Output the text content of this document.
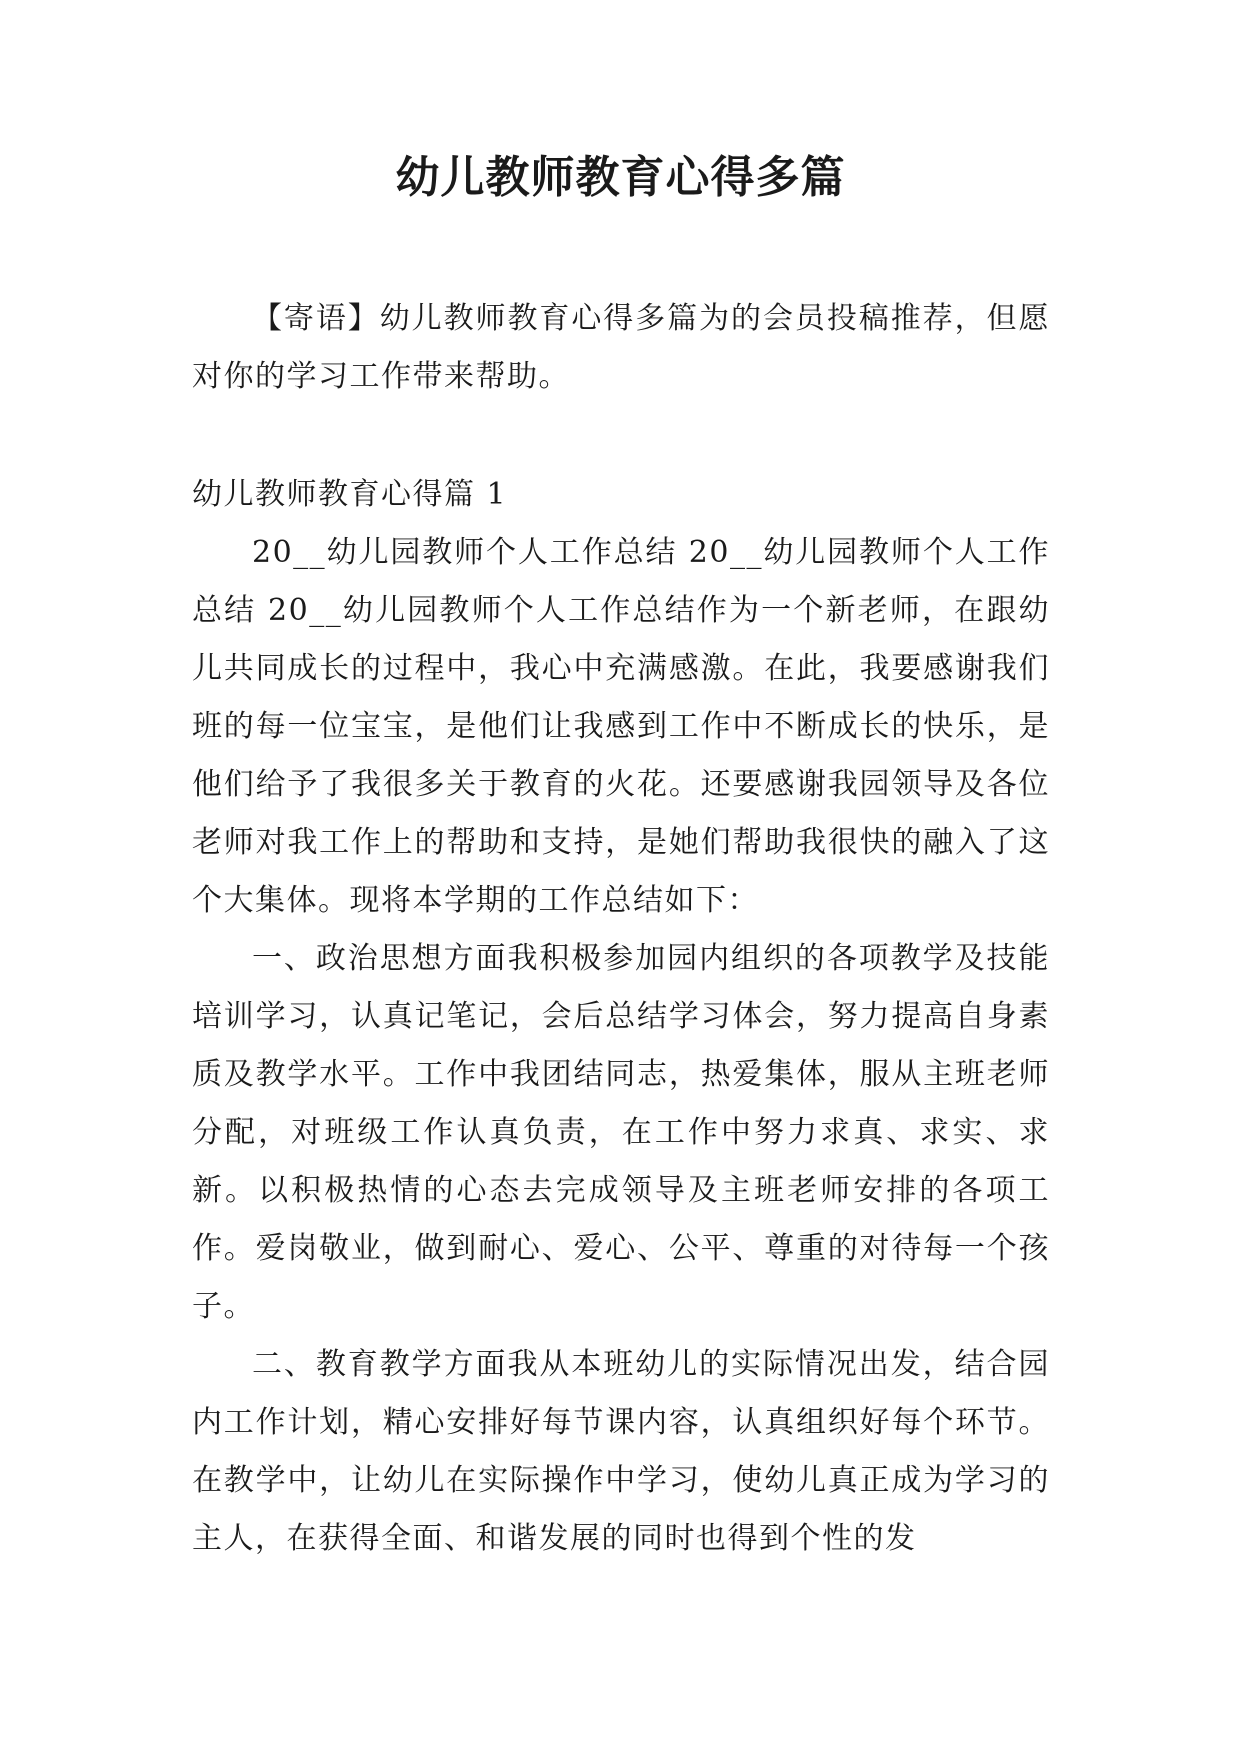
幼儿教师教育心得多篇

【寄语】幼儿教师教育心得多篇为的会员投稿推荐，但愿对你的学习工作带来帮助。

幼儿教师教育心得篇 1

20__幼儿园教师个人工作总结 20__幼儿园教师个人工作总结 20__幼儿园教师个人工作总结作为一个新老师，在跟幼儿共同成长的过程中，我心中充满感激。在此，我要感谢我们班的每一位宝宝，是他们让我感到工作中不断成长的快乐，是他们给予了我很多关于教育的火花。还要感谢我园领导及各位老师对我工作上的帮助和支持，是她们帮助我很快的融入了这个大集体。现将本学期的工作总结如下：

一、政治思想方面我积极参加园内组织的各项教学及技能培训学习，认真记笔记，会后总结学习体会，努力提高自身素质及教学水平。工作中我团结同志，热爱集体，服从主班老师分配，对班级工作认真负责，在工作中努力求真、求实、求新。以积极热情的心态去完成领导及主班老师安排的各项工作。爱岗敬业，做到耐心、爱心、公平、尊重的对待每一个孩子。

二、教育教学方面我从本班幼儿的实际情况出发，结合园内工作计划，精心安排好每节课内容，认真组织好每个环节。在教学中，让幼儿在实际操作中学习，使幼儿真正成为学习的主人，在获得全面、和谐发展的同时也得到个性的发
